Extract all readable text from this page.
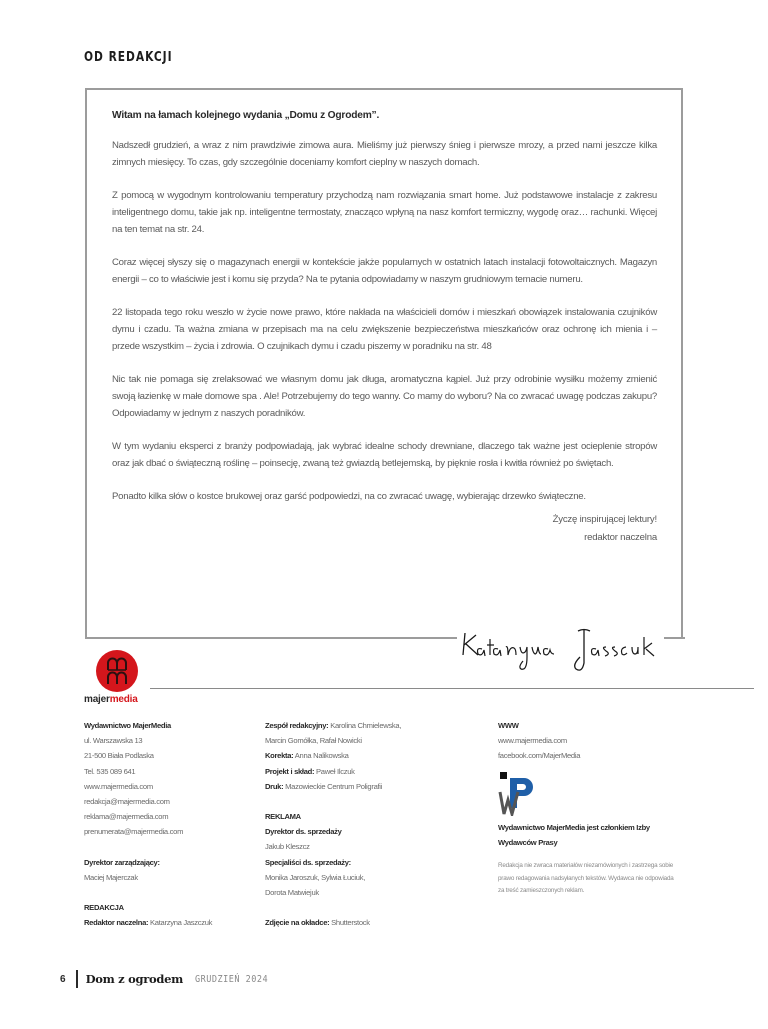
OD REDAKCJI

Witam na łamach kolejnego wydania „Domu z Ogrodem”.

Nadszedł grudzień, a wraz z nim prawdziwie zimowa aura. Mieliśmy już pierwszy śnieg i pierwsze mrozy, a przed nami jeszcze kilka zimnych miesięcy. To czas, gdy szczególnie doceniamy komfort cieplny w naszych domach.

Z pomocą w wygodnym kontrolowaniu temperatury przychodzą nam rozwiązania smart home. Już podstawowe instalacje z zakresu inteligentnego domu, takie jak np. inteligentne termostaty, znacząco wpłyną na nasz komfort termiczny, wygodę oraz… rachunki. Więcej na ten temat na str. 24.

Coraz więcej słyszy się o magazynach energii w kontekście jakże popularnych w ostatnich latach instalacji fotowoltaicznych. Magazyn energii – co to właściwie jest i komu się przyda? Na te pytania odpowiadamy w naszym grudniowym temacie numeru.

22 listopada tego roku weszło w życie nowe prawo, które nakłada na właścicieli domów i mieszkań obowiązek instalowania czujników dymu i czadu. Ta ważna zmiana w przepisach ma na celu zwiększenie bezpieczeństwa mieszkańców oraz ochronę ich mienia i – przede wszystkim – życia i zdrowia. O czujnikach dymu i czadu piszemy w poradniku na str. 48

Nic tak nie pomaga się zrelaksować we własnym domu jak długa, aromatyczna kąpiel. Już przy odrobinie wysiłku możemy zmienić swoją łazienkę w małe domowe spa . Ale! Potrzebujemy do tego wanny. Co mamy do wyboru? Na co zwracać uwagę podczas zakupu? Odpowiadamy w jednym z naszych poradników.

W tym wydaniu eksperci z branży podpowiadają, jak wybrać idealne schody drewniane, dlaczego tak ważne jest ocieplenie stropów oraz jak dbać o świąteczną roślinę – poinsecję, zwaną też gwiazdą betlejemską, by pięknie rosła i kwitła również po świętach.

Ponadto kilka słów o kostce brukowej oraz garść podpowiedzi, na co zwracać uwagę, wybierając drzewko świąteczne.

Życzę inspirującej lektury!
redaktor naczelna
majermedia
Wydawnictwo MajerMedia
ul. Warszawska 13
21-500 Biała Podlaska
Tel. 535 089 641
www.majermedia.com
redakcja@majermedia.com
reklama@majermedia.com
prenumerata@majermedia.com
Dyrektor zarządzający:
Maciej Majerczak
REDAKCJA
Redaktor naczelna: Katarzyna Jaszczuk
Zespół redakcyjny: Karolina Chmielewska,
Marcin Gomółka, Rafał Nowicki
Korekta: Anna Nalikowska
Projekt i skład: Paweł Ilczuk
Druk: Mazowieckie Centrum Poligrafii
REKLAMA
Dyrektor ds. sprzedaży
Jakub Kleszcz
Specjaliści ds. sprzedaży:
Monika Jaroszuk, Sylwia Łuciuk,
Dorota Matwiejuk
Zdjęcie na okładce: Shutterstock
WWW
www.majermedia.com
facebook.com/MajerMedia
Wydawnictwo MajerMedia jest członkiem Izby Wydawców Prasy
Redakcja nie zwraca materiałów niezamówionych i zastrzega sobie prawo redagowania nadsyłanych tekstów. Wydawca nie odpowiada za treść zamieszczonych reklam.
6 Dom z ogrodem GRUDZIEŃ 2024
